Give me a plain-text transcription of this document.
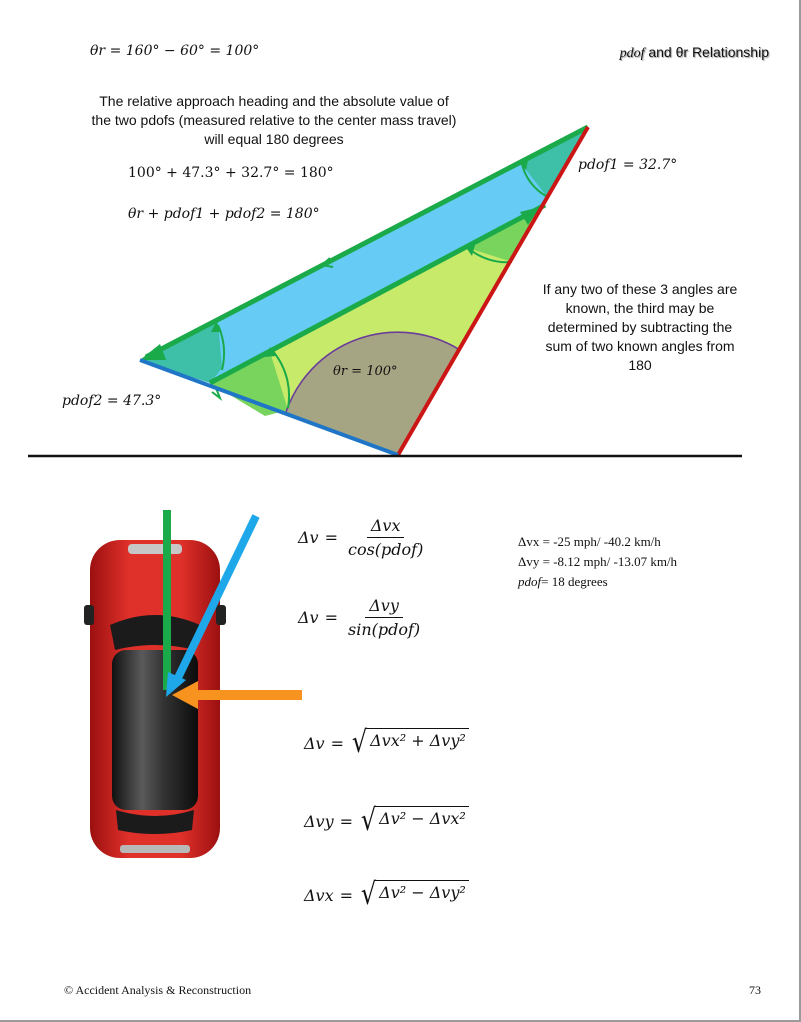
θr = 160° − 60° = 100°	pdof and θr Relationship
The relative approach heading and the absolute value of
the two pdofs (measured relative to the center mass travel)
will equal 180 degrees
100° + 47.3° + 32.7° = 180°
θr + pdof1 + pdof2 = 180°
pdof1 = 32.7°
pdof2 = 47.3°
θr = 100°
If any two of these 3 angles are
known, the third may be
determined by subtracting the
sum of two known angles from
180
$\Delta v = \frac{\text{Δvx}}{\text{cos(pdof)}}$
$\Delta v = \frac{\text{Δvy}}{\text{sin(pdof)}}$
Δv = √ Δvx² + Δvy²
Δvy = √ Δv² − Δvx²
Δvx = √ Δv² − Δvy²
Δvx = -25 mph/ -40.2 km/h
Δvy = -8.12 mph/ -13.07 km/h
pdof= 18 degrees
© Accident Analysis & Reconstruction	73
